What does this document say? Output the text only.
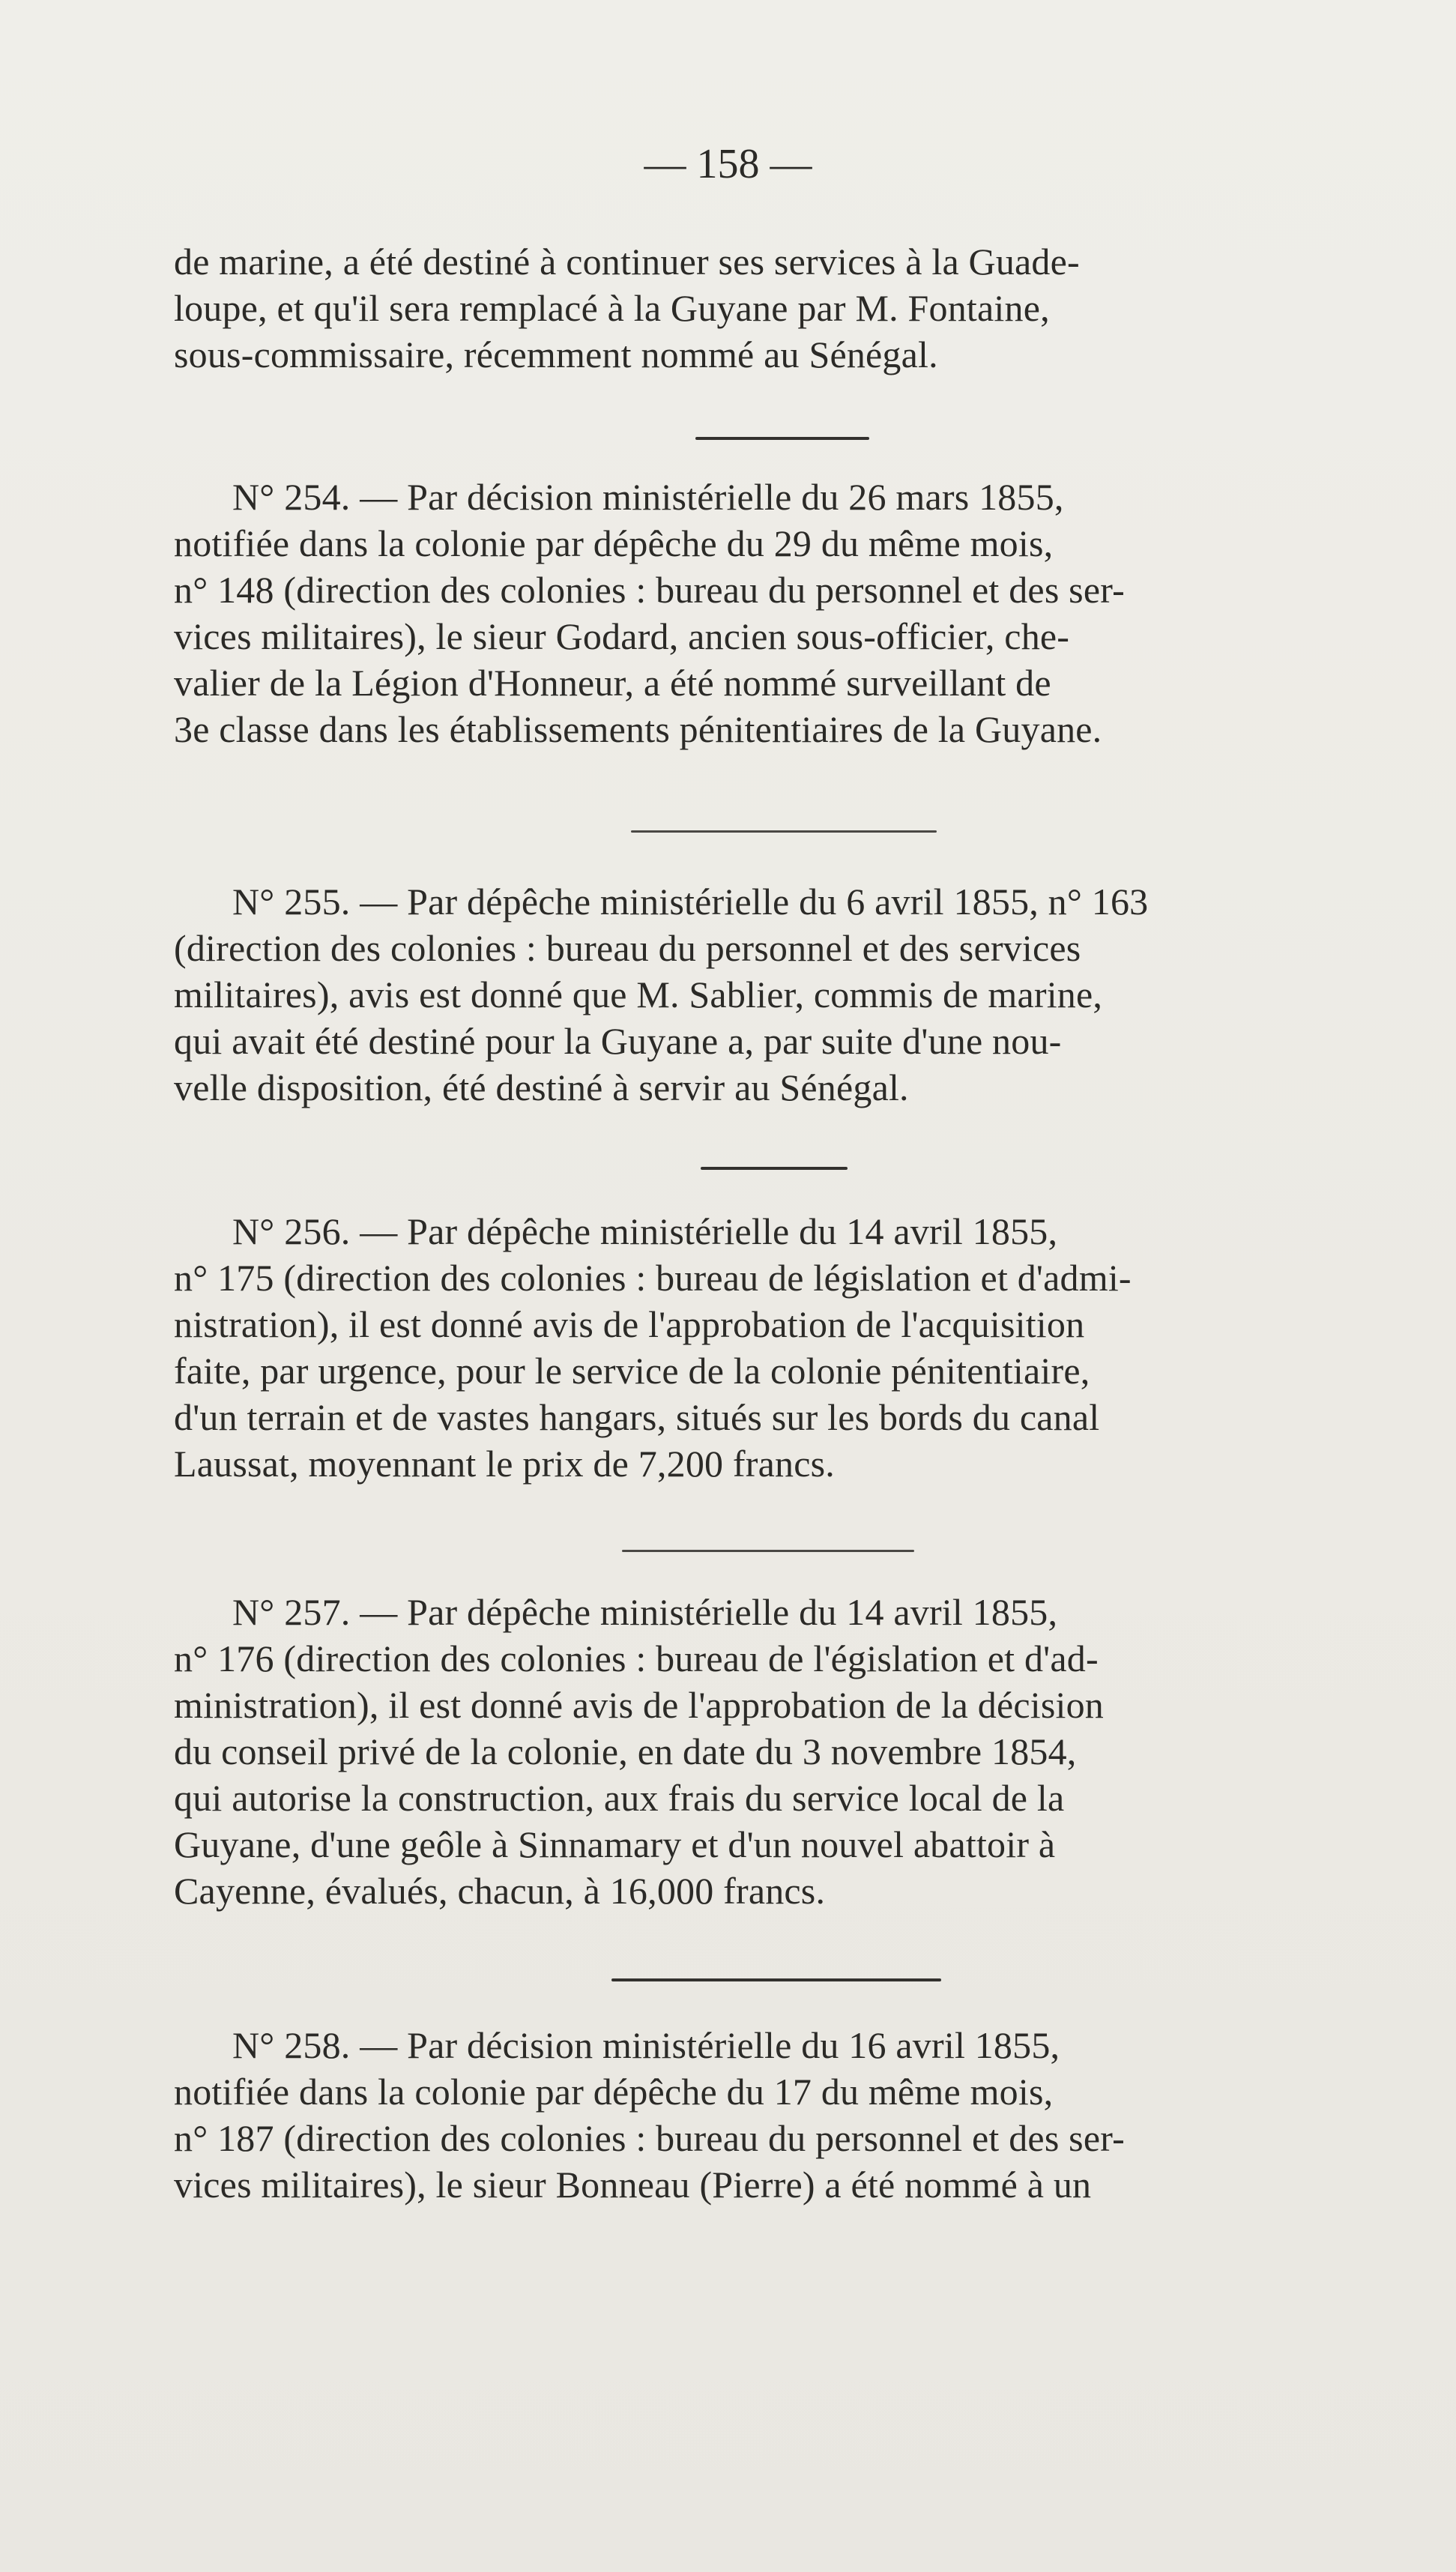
— 158 —

de marine, a été destiné à continuer ses services à la Guade-

loupe, et qu'il sera remplacé à la Guyane par M. Fontaine,

sous-commissaire, récemment nommé au Sénégal.

N° 254. — Par décision ministérielle du 26 mars 1855,

notifiée dans la colonie par dépêche du 29 du même mois,

n° 148 (direction des colonies : bureau du personnel et des ser-

vices militaires), le sieur Godard, ancien sous-officier, che-

valier de la Légion d'Honneur, a été nommé surveillant de

3e classe dans les établissements pénitentiaires de la Guyane.

N° 255. — Par dépêche ministérielle du 6 avril 1855, n° 163

(direction des colonies : bureau du personnel et des services

militaires), avis est donné que M. Sablier, commis de marine,

qui avait été destiné pour la Guyane a, par suite d'une nou-

velle disposition, été destiné à servir au Sénégal.

N° 256. — Par dépêche ministérielle du 14 avril 1855,

n° 175 (direction des colonies : bureau de législation et d'admi-

nistration), il est donné avis de l'approbation de l'acquisition

faite, par urgence, pour le service de la colonie pénitentiaire,

d'un terrain et de vastes hangars, situés sur les bords du canal

Laussat, moyennant le prix de 7,200 francs.

N° 257. — Par dépêche ministérielle du 14 avril 1855,

n° 176 (direction des colonies : bureau de l'égislation et d'ad-

ministration), il est donné avis de l'approbation de la décision

du conseil privé de la colonie, en date du 3 novembre 1854,

qui autorise la construction, aux frais du service local de la

Guyane, d'une geôle à Sinnamary et d'un nouvel abattoir à

Cayenne, évalués, chacun, à 16,000 francs.

N° 258. — Par décision ministérielle du 16 avril 1855,

notifiée dans la colonie par dépêche du 17 du même mois,

n° 187 (direction des colonies : bureau du personnel et des ser-

vices militaires), le sieur Bonneau (Pierre) a été nommé à un
